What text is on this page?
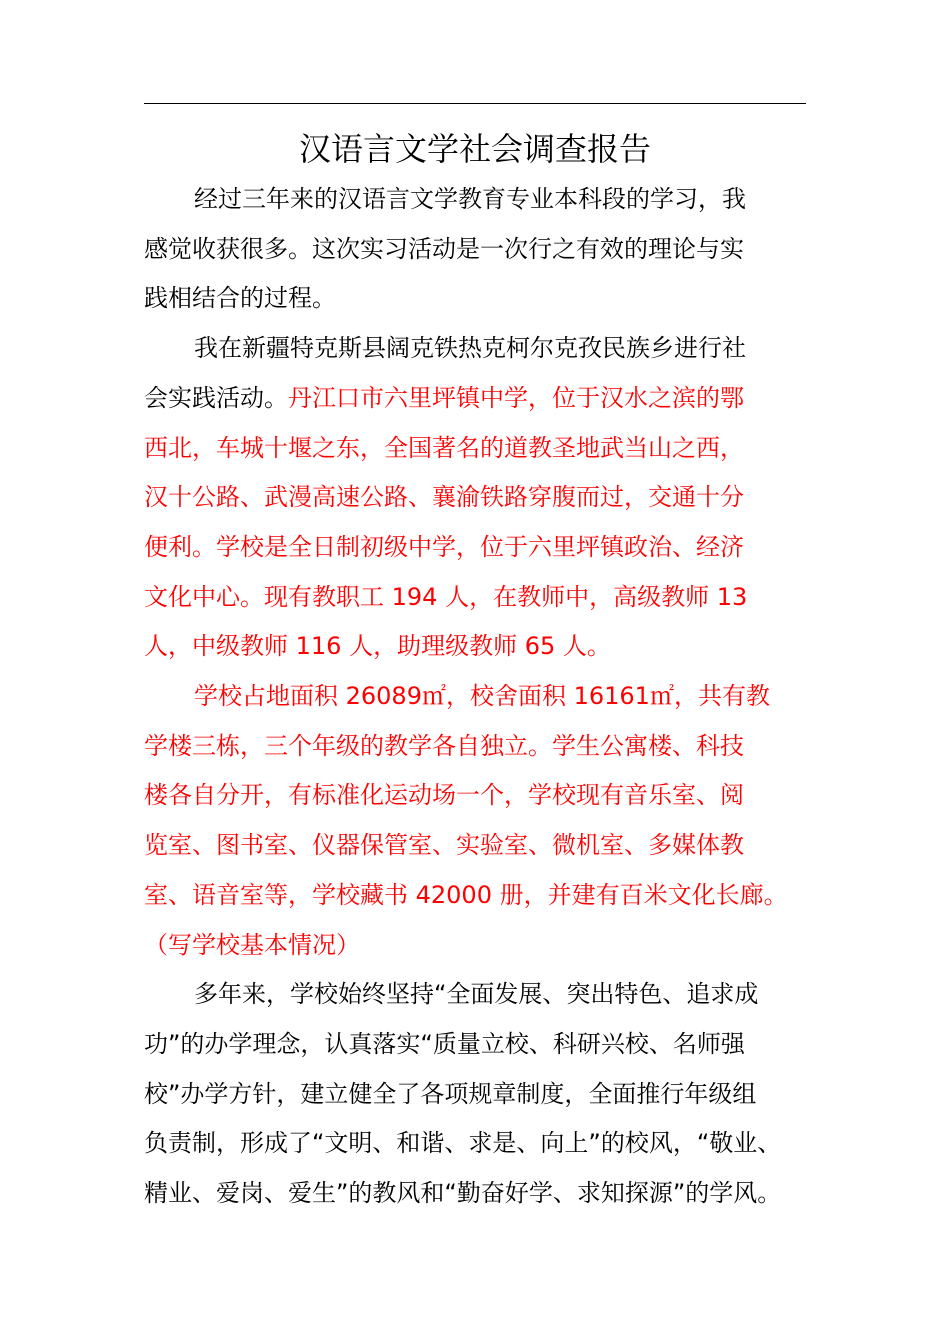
汉语言文学社会调查报告
经过三年来的汉语言文学教育专业本科段的学习，我
感觉收获很多。这次实习活动是一次行之有效的理论与实
践相结合的过程。
我在新疆特克斯县阔克铁热克柯尔克孜民族乡进行社
会实践活动。丹江口市六里坪镇中学，位于汉水之滨的鄂
西北，车城十堰之东，全国著名的道教圣地武当山之西，
汉十公路、武漫高速公路、襄渝铁路穿腹而过，交通十分
便利。学校是全日制初级中学，位于六里坪镇政治、经济
文化中心。现有教职工 194 人，在教师中，高级教师 13
人，中级教师 116 人，助理级教师 65 人。
学校占地面积 26089㎡，校舍面积 16161㎡，共有教
学楼三栋，三个年级的教学各自独立。学生公寓楼、科技
楼各自分开，有标准化运动场一个，学校现有音乐室、阅
览室、图书室、仪器保管室、实验室、微机室、多媒体教
室、语音室等，学校藏书 42000 册，并建有百米文化长廊。
（写学校基本情况）
多年来，学校始终坚持“全面发展、突出特色、追求成
功”的办学理念，认真落实“质量立校、科研兴校、名师强
校”办学方针，建立健全了各项规章制度，全面推行年级组
负责制，形成了“文明、和谐、求是、向上”的校风，“敬业、
精业、爱岗、爱生”的教风和“勤奋好学、求知探源”的学风。
